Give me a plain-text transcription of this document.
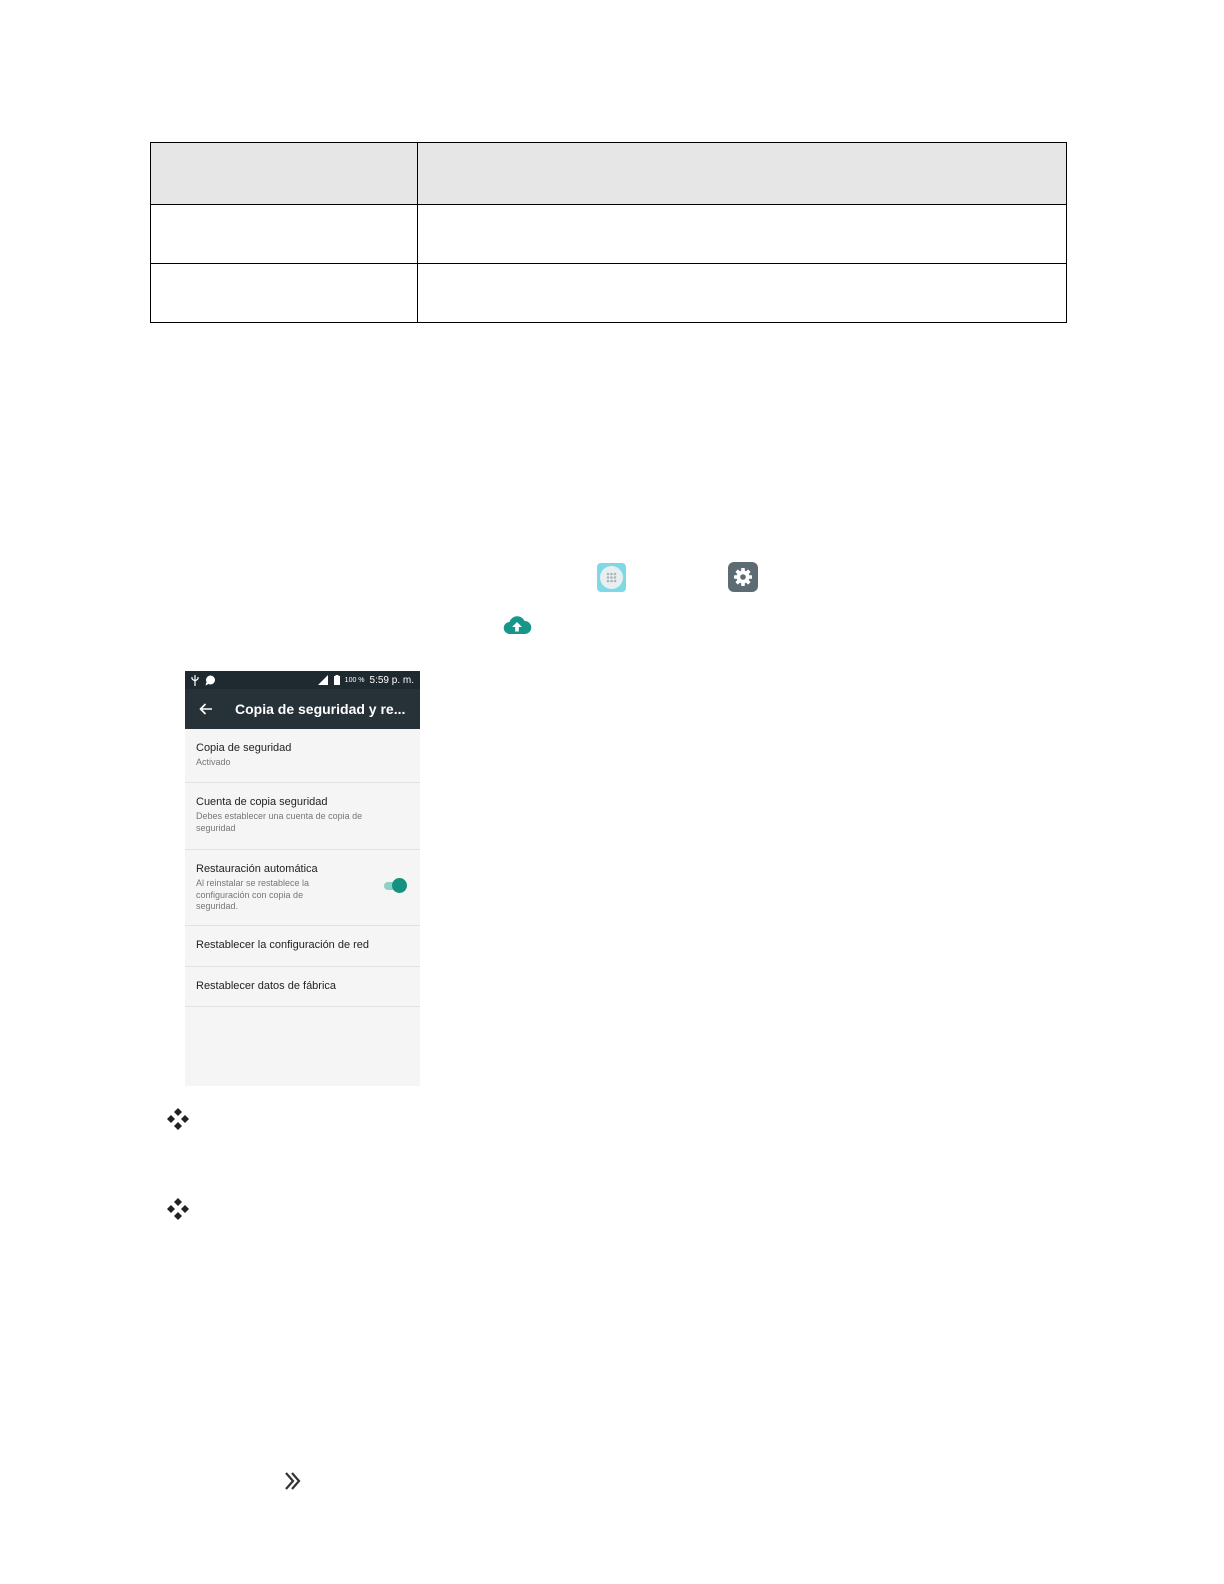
100 % 5:59 p. m.
Copia de seguridad y re...
Copia de seguridad
Activado
Cuenta de copia seguridad
Debes establecer una cuenta de copia de seguridad
Restauración automática
Al reinstalar se restablece la configuración con copia de seguridad.
Restablecer la configuración de red
Restablecer datos de fábrica
